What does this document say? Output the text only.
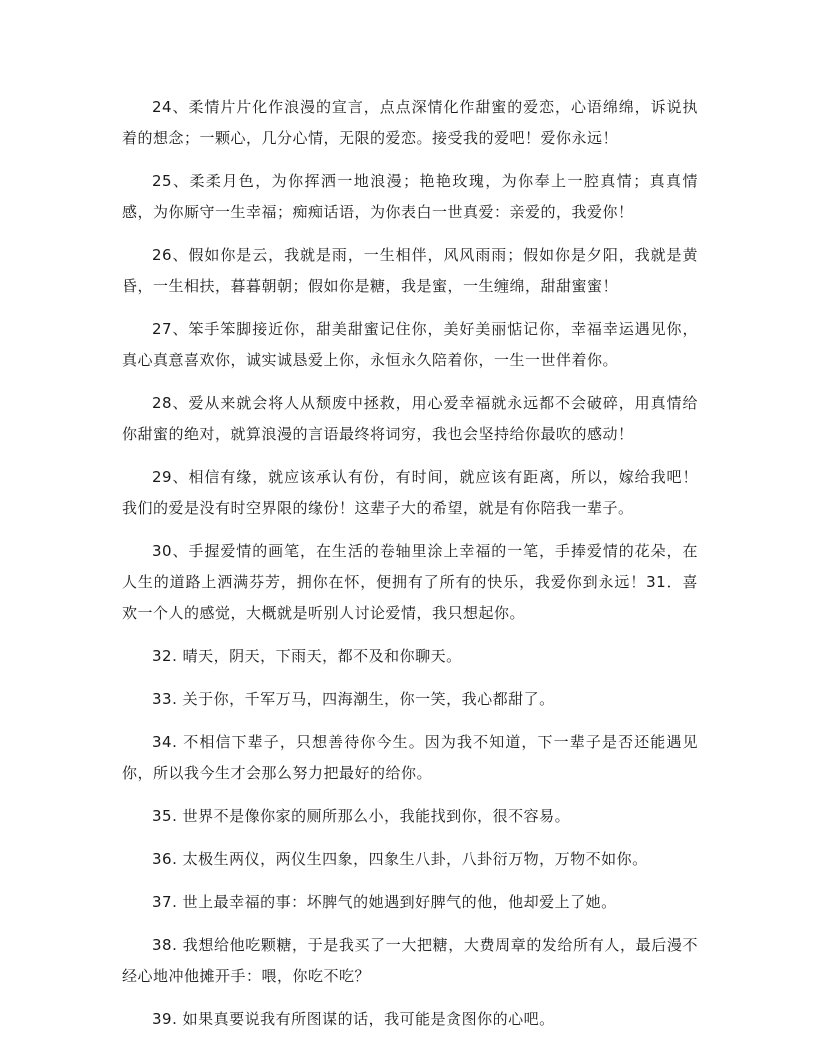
24、柔情片片化作浪漫的宣言，点点深情化作甜蜜的爱恋，心语绵绵，诉说执着的想念；一颗心，几分心情，无限的爱恋。接受我的爱吧！爱你永远！

25、柔柔月色，为你挥洒一地浪漫；艳艳玫瑰，为你奉上一腔真情；真真情感，为你厮守一生幸福；痴痴话语，为你表白一世真爱：亲爱的，我爱你！

26、假如你是云，我就是雨，一生相伴，风风雨雨；假如你是夕阳，我就是黄昏，一生相扶，暮暮朝朝；假如你是糖，我是蜜，一生缠绵，甜甜蜜蜜！

27、笨手笨脚接近你，甜美甜蜜记住你，美好美丽惦记你，幸福幸运遇见你，真心真意喜欢你，诚实诚恳爱上你，永恒永久陪着你，一生一世伴着你。

28、爱从来就会将人从颓废中拯救，用心爱幸福就永远都不会破碎，用真情给你甜蜜的绝对，就算浪漫的言语最终将词穷，我也会坚持给你最吹的感动！

29、相信有缘，就应该承认有份，有时间，就应该有距离，所以，嫁给我吧！我们的爱是没有时空界限的缘份！这辈子大的希望，就是有你陪我一辈子。

30、手握爱情的画笔，在生活的卷轴里涂上幸福的一笔，手捧爱情的花朵，在人生的道路上洒满芬芳，拥你在怀，便拥有了所有的快乐，我爱你到永远！31．喜欢一个人的感觉，大概就是听别人讨论爱情，我只想起你。

32. 晴天，阴天，下雨天，都不及和你聊天。

33. 关于你，千军万马，四海潮生，你一笑，我心都甜了。

34. 不相信下辈子，只想善待你今生。因为我不知道，下一辈子是否还能遇见你，所以我今生才会那么努力把最好的给你。

35. 世界不是像你家的厕所那么小，我能找到你，很不容易。

36. 太极生两仪，两仪生四象，四象生八卦，八卦衍万物，万物不如你。

37. 世上最幸福的事：坏脾气的她遇到好脾气的他，他却爱上了她。

38. 我想给他吃颗糖，于是我买了一大把糖，大费周章的发给所有人，最后漫不经心地冲他摊开手：喂，你吃不吃？

39. 如果真要说我有所图谋的话，我可能是贪图你的心吧。
